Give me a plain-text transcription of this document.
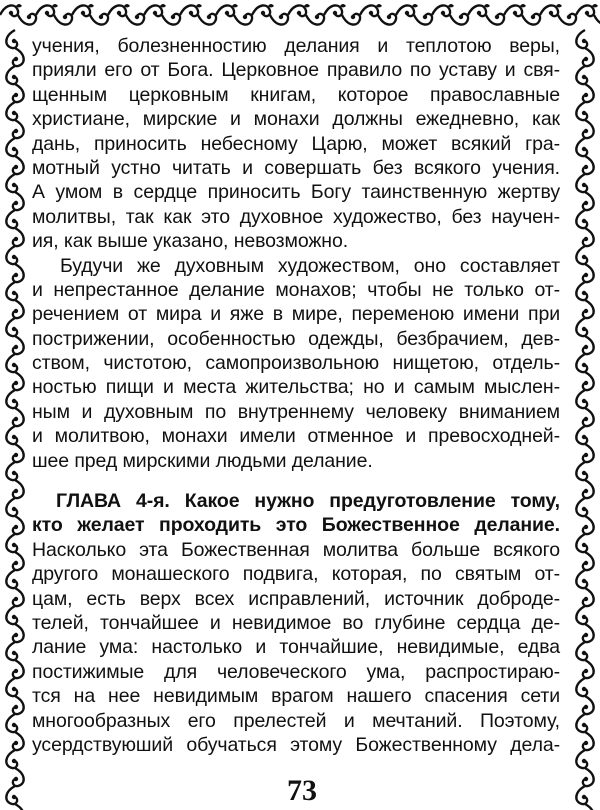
учения, болезненностию делания и теплотою веры,
прияли его от Бога. Церковное правило по уставу и свя-
щенным церковным книгам, которое православные
христиане, мирские и монахи должны ежедневно, как
дань, приносить небесному Царю, может всякий гра-
мотный устно читать и совершать без всякого учения.
А умом в сердце приносить Богу таинственную жертву
молитвы, так как это духовное художество, без научен-
ия, как выше указано, невозможно.
Будучи же духовным художеством, оно составляет
и непрестанное делание монахов; чтобы не только от-
речением от мира и яже в мире, переменою имени при
пострижении, особенностью одежды, безбрачием, дев-
ством, чистотою, самопроизвольною нищетою, отдель-
ностью пищи и места жительства; но и самым мыслен-
ным и духовным по внутреннему человеку вниманием
и молитвою, монахи имели отменное и превосходней-
шее пред мирскими людьми делание.
ГЛАВА 4-я. Какое нужно предуготовление тому,
кто желает проходить это Божественное делание.
Насколько эта Божественная молитва больше всякого
другого монашеского подвига, которая, по святым от-
цам, есть верх всех исправлений, источник доброде-
телей, тончайшее и невидимое во глубине сердца де-
лание ума: настолько и тончайшие, невидимые, едва
постижимые для человеческого ума, распростираю-
тся на нее невидимым врагом нашего спасения сети
многообразных его прелестей и мечтаний. Поэтому,
усердствуюший обучаться этому Божественному дела-
73
